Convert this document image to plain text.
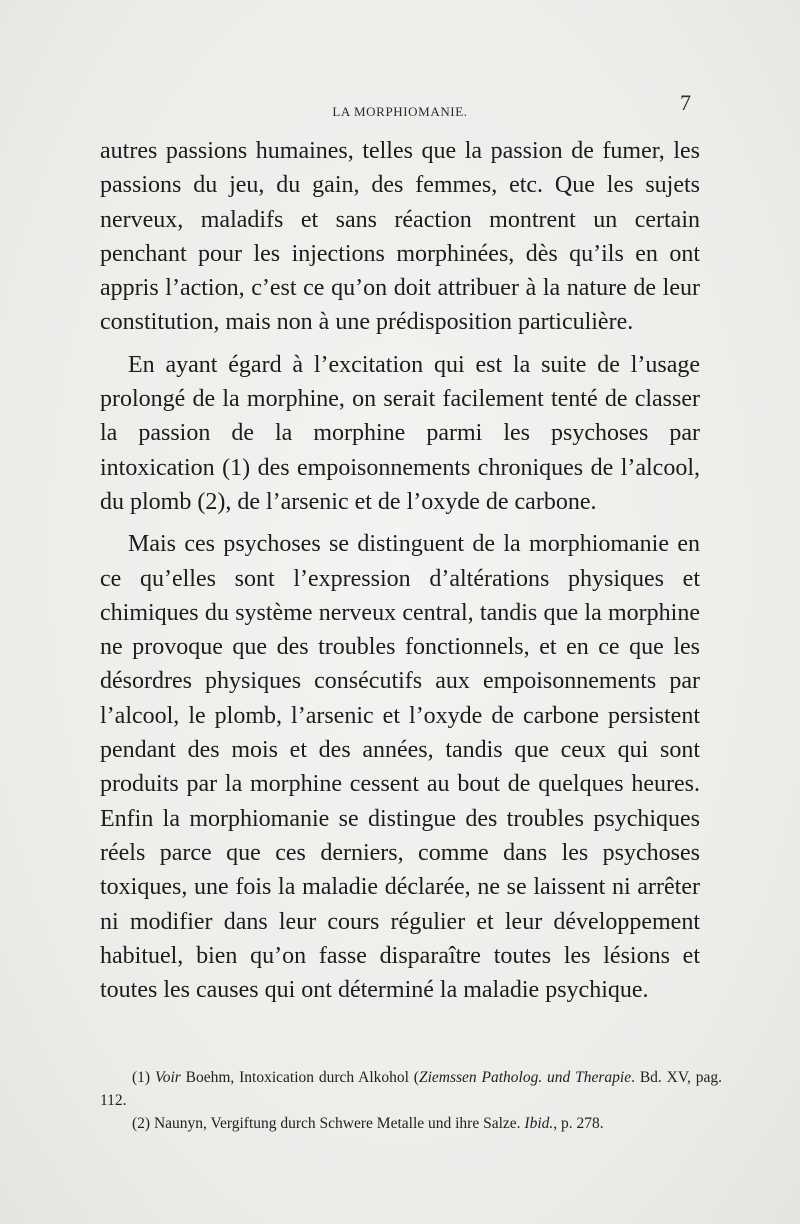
LA MORPHIOMANIE.	7

autres passions humaines, telles que la passion de fumer, les passions du jeu, du gain, des femmes, etc. Que les sujets nerveux, maladifs et sans réaction montrent un certain penchant pour les injections morphinées, dès qu’ils en ont appris l’action, c’est ce qu’on doit attribuer à la nature de leur constitution, mais non à une prédisposition particulière.

En ayant égard à l’excitation qui est la suite de l’usage prolongé de la morphine, on serait facilement tenté de classer la passion de la morphine parmi les psychoses par intoxication (1) des empoisonnements chroniques de l’alcool, du plomb (2), de l’arsenic et de l’oxyde de carbone.

Mais ces psychoses se distinguent de la morphiomanie en ce qu’elles sont l’expression d’altérations physiques et chimiques du système nerveux central, tandis que la morphine ne provoque que des troubles fonctionnels, et en ce que les désordres physiques consécutifs aux empoisonnements par l’alcool, le plomb, l’arsenic et l’oxyde de carbone persistent pendant des mois et des années, tandis que ceux qui sont produits par la morphine cessent au bout de quelques heures. Enfin la morphiomanie se distingue des troubles psychiques réels parce que ces derniers, comme dans les psychoses toxiques, une fois la maladie déclarée, ne se laissent ni arrêter ni modifier dans leur cours régulier et leur développement habituel, bien qu’on fasse disparaître toutes les lésions et toutes les causes qui ont déterminé la maladie psychique.

(1) Voir Boehm, Intoxication durch Alkohol (Ziemssen Patholog. und Therapie. Bd. XV, pag. 112.

(2) Naunyn, Vergiftung durch Schwere Metalle und ihre Salze. Ibid., p. 278.
